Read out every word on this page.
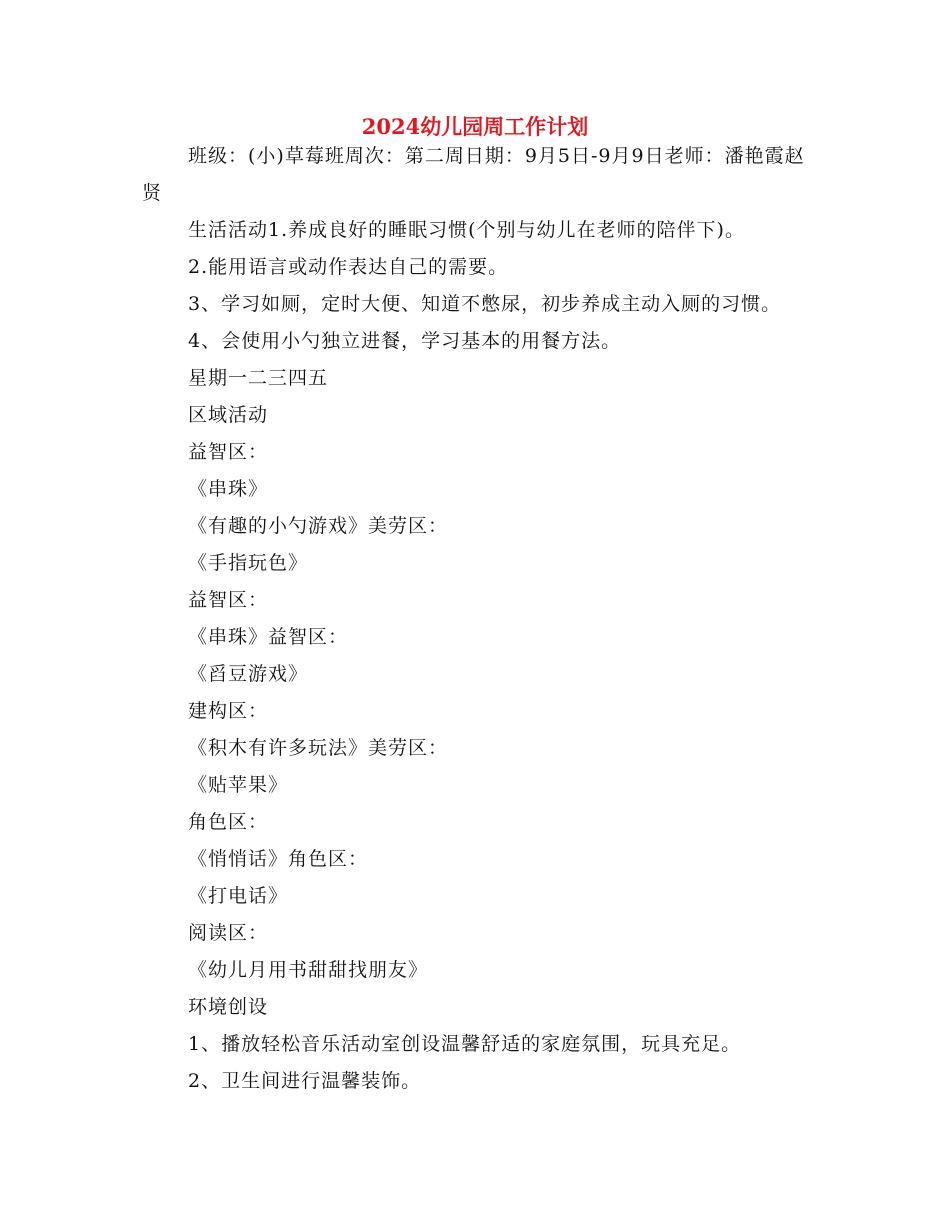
2024幼儿园周工作计划

班级：(小)草莓班周次：第二周日期：9月5日-9月9日老师：潘艳霞赵贤

生活活动1.养成良好的睡眠习惯(个别与幼儿在老师的陪伴下)。

2.能用语言或动作表达自己的需要。

3、学习如厕，定时大便、知道不憋尿，初步养成主动入厕的习惯。

4、会使用小勺独立进餐，学习基本的用餐方法。

星期一二三四五

区域活动

益智区：

《串珠》

《有趣的小勺游戏》美劳区：

《手指玩色》

益智区：

《串珠》益智区：

《舀豆游戏》

建构区：

《积木有许多玩法》美劳区：

《贴苹果》

角色区：

《悄悄话》角色区：

《打电话》

阅读区：

《幼儿月用书甜甜找朋友》

环境创设

1、播放轻松音乐活动室创设温馨舒适的家庭氛围，玩具充足。

2、卫生间进行温馨装饰。
